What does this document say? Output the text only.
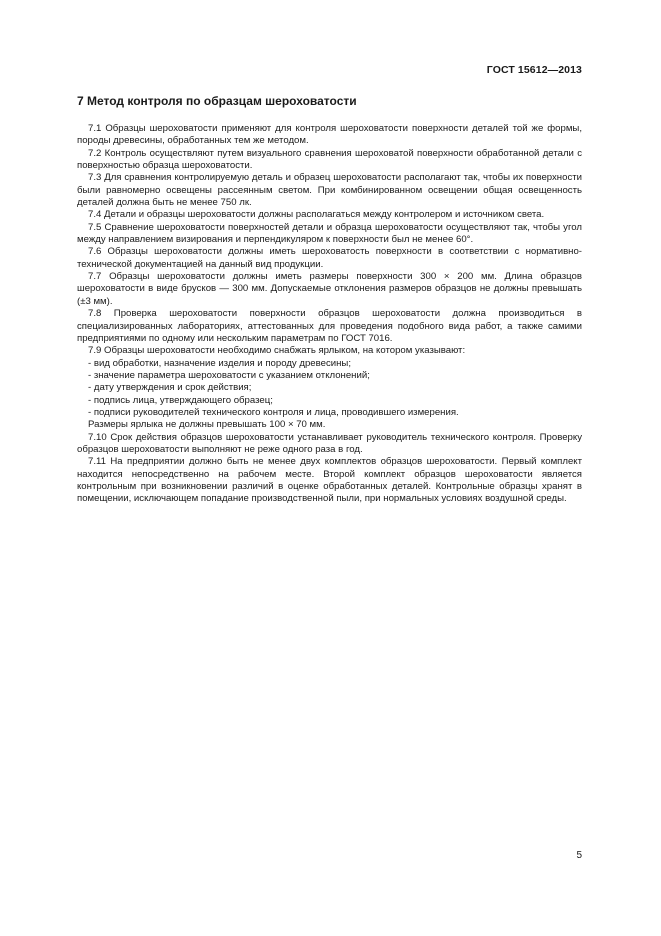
ГОСТ 15612—2013
7 Метод контроля по образцам шероховатости

7.1 Образцы шероховатости применяют для контроля шероховатости поверхности деталей той же формы, породы древесины, обработанных тем же методом.

7.2 Контроль осуществляют путем визуального сравнения шероховатой поверхности обработанной детали с поверхностью образца шероховатости.

7.3 Для сравнения контролируемую деталь и образец шероховатости располагают так, чтобы их поверхности были равномерно освещены рассеянным светом. При комбинированном освещении общая освещенность деталей должна быть не менее 750 лк.

7.4 Детали и образцы шероховатости должны располагаться между контролером и источником света.

7.5 Сравнение шероховатости поверхностей детали и образца шероховатости осуществляют так, чтобы угол между направлением визирования и перпендикуляром к поверхности был не менее 60°.

7.6 Образцы шероховатости должны иметь шероховатость поверхности в соответствии с нормативно-технической документацией на данный вид продукции.

7.7 Образцы шероховатости должны иметь размеры поверхности 300 × 200 мм. Длина образцов шероховатости в виде брусков — 300 мм. Допускаемые отклонения размеров образцов не должны превышать (±3 мм).

7.8 Проверка шероховатости поверхности образцов шероховатости должна производиться в специализированных лабораториях, аттестованных для проведения подобного вида работ, а также самими предприятиями по одному или нескольким параметрам по ГОСТ 7016.

7.9 Образцы шероховатости необходимо снабжать ярлыком, на котором указывают:

- вид обработки, назначение изделия и породу древесины;

- значение параметра шероховатости с указанием отклонений;

- дату утверждения и срок действия;

- подпись лица, утверждающего образец;

- подписи руководителей технического контроля и лица, проводившего измерения.

Размеры ярлыка не должны превышать 100 × 70 мм.

7.10 Срок действия образцов шероховатости устанавливает руководитель технического контроля. Проверку образцов шероховатости выполняют не реже одного раза в год.

7.11 На предприятии должно быть не менее двух комплектов образцов шероховатости. Первый комплект находится непосредственно на рабочем месте. Второй комплект образцов шероховатости является контрольным при возникновении различий в оценке обработанных деталей. Контрольные образцы хранят в помещении, исключающем попадание производственной пыли, при нормальных условиях воздушной среды.

5
